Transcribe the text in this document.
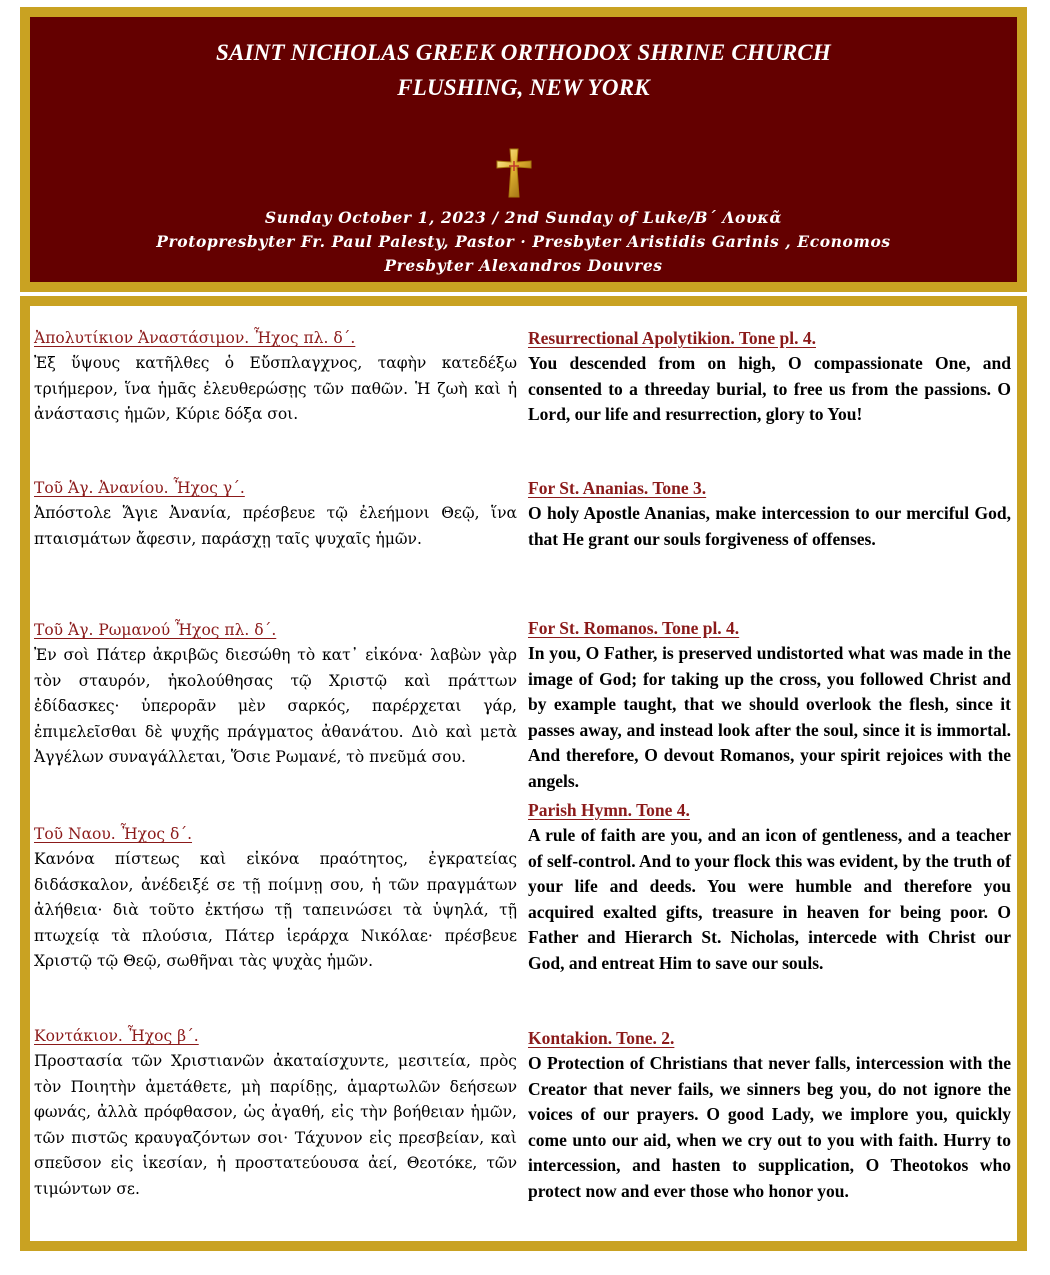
SAINT NICHOLAS GREEK ORTHODOX SHRINE CHURCH
FLUSHING, NEW YORK
Sunday October 1, 2023 / 2nd Sunday of Luke/Β΄ Λουκᾶ
Protopresbyter Fr. Paul Palesty, Pastor · Presbyter Aristidis Garinis , Economos
Presbyter Alexandros Douvres
Ἀπολυτίκιον Ἀναστάσιμον. Ἦχος πλ. δ΄.
Ἐξ ὕψους κατῆλθες ὁ Εὔσπλαγχνος, ταφὴν κατεδέξω τριήμερον, ἵνα ἡμᾶς ἐλευθερώσῃς τῶν παθῶν. Ἡ ζωὴ καὶ ἡ ἀνάστασις ἡμῶν, Κύριε δόξα σοι.
Τοῦ Ἁγ. Ἀνανίου. Ἦχος γ΄.
Ἀπόστολε Ἅγιε Ἀνανία, πρέσβευε τῷ ἐλεήμονι Θεῷ, ἵνα πταισμάτων ἄφεσιν, παράσχῃ ταῖς ψυχαῖς ἡμῶν.
Τοῦ Ἁγ. Ρωμανού Ἦχος πλ. δ΄.
Ἐν σοὶ Πάτερ ἀκριβῶς διεσώθη τὸ κατ᾽ εἰκόνα· λαβὼν γὰρ τὸν σταυρόν, ἠκολούθησας τῷ Χριστῷ καὶ πράττων ἐδίδασκες· ὑπερορᾶν μὲν σαρκός, παρέρχεται γάρ, ἐπιμελεῖσθαι δὲ ψυχῆς πράγματος ἀθανάτου. Διὸ καὶ μετὰ Ἀγγέλων συναγάλλεται, Ὅσιε Ρωμανέ, τὸ πνεῦμά σου.
Τοῦ Ναου. Ἦχος δ΄.
Κανόνα πίστεως καὶ εἰκόνα πραότητος, ἐγκρατείας διδάσκαλον, ἀνέδειξέ σε τῇ ποίμνῃ σου, ἡ τῶν πραγμάτων ἀλήθεια· διὰ τοῦτο ἐκτήσω τῇ ταπεινώσει τὰ ὑψηλά, τῇ πτωχείᾳ τὰ πλούσια, Πάτερ ἱεράρχα Νικόλαε· πρέσβευε Χριστῷ τῷ Θεῷ, σωθῆναι τὰς ψυχὰς ἡμῶν.
Κοντάκιον. Ἦχος β΄.
Προστασία τῶν Χριστιανῶν ἀκαταίσχυντε, μεσιτεία, πρὸς τὸν Ποιητὴν ἀμετάθετε, μὴ παρίδῃς, ἁμαρτωλῶν δεήσεων φωνάς, ἀλλὰ πρόφθασον, ὡς ἀγαθή, εἰς τὴν βοήθειαν ἡμῶν, τῶν πιστῶς κραυγαζόντων σοι· Τάχυνον εἰς πρεσβείαν, καὶ σπεῦσον εἰς ἱκεσίαν, ἡ προστατεύουσα ἀεί, Θεοτόκε, τῶν τιμώντων σε.
Resurrectional Apolytikion. Tone pl. 4.
You descended from on high, O compassionate One, and consented to a threeday burial, to free us from the passions. O Lord, our life and resurrection, glory to You!
For St. Ananias. Tone 3.
O holy Apostle Ananias, make intercession to our merciful God, that He grant our souls forgiveness of offenses.
For St. Romanos. Tone pl. 4.
In you, O Father, is preserved undistorted what was made in the image of God; for taking up the cross, you followed Christ and by example taught, that we should overlook the flesh, since it passes away, and instead look after the soul, since it is immortal. And therefore, O devout Romanos, your spirit rejoices with the angels.
Parish Hymn. Tone 4.
A rule of faith are you, and an icon of gentleness, and a teacher of self-control. And to your flock this was evident, by the truth of your life and deeds. You were humble and therefore you acquired exalted gifts, treasure in heaven for being poor. O Father and Hierarch St. Nicholas, intercede with Christ our God, and entreat Him to save our souls.
Kontakion. Tone. 2.
O Protection of Christians that never falls, intercession with the Creator that never fails, we sinners beg you, do not ignore the voices of our prayers. O good Lady, we implore you, quickly come unto our aid, when we cry out to you with faith. Hurry to intercession, and hasten to supplication, O Theotokos who protect now and ever those who honor you.
